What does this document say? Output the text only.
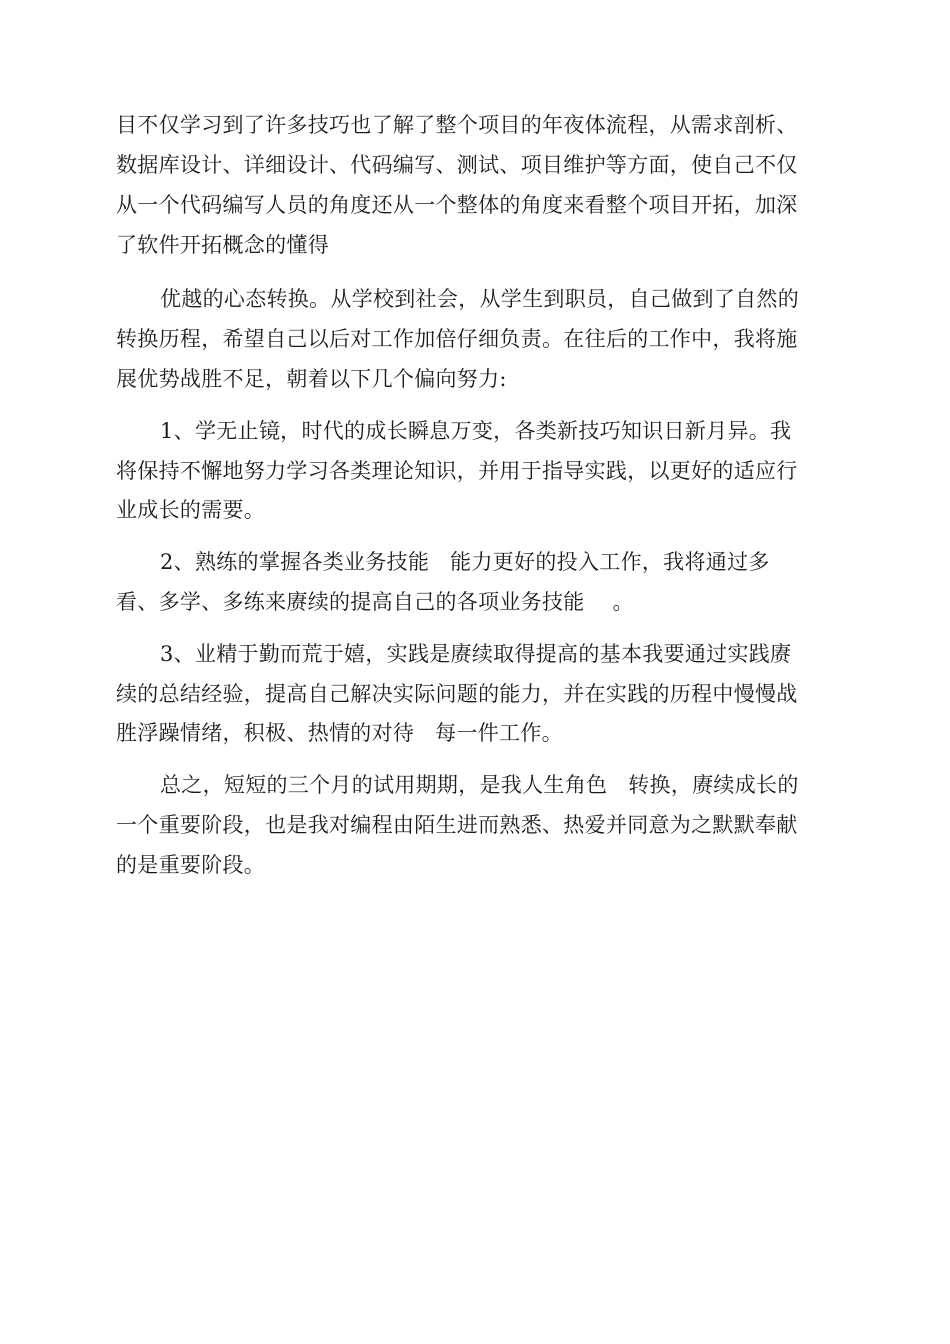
目不仅学习到了许多技巧也了解了整个项目的年夜体流程，从需求剖析、
数据库设计、详细设计、代码编写、测试、项目维护等方面，使自己不仅
从一个代码编写人员的角度还从一个整体的角度来看整个项目开拓，加深
了软件开拓概念的懂得
优越的心态转换。从学校到社会，从学生到职员，自己做到了自然的
转换历程，希望自己以后对工作加倍仔细负责。在往后的工作中，我将施
展优势战胜不足，朝着以下几个偏向努力:
1、学无止镜，时代的成长瞬息万变，各类新技巧知识日新月异。我
将保持不懈地努力学习各类理论知识，并用于指导实践，以更好的适应行
业成长的需要。
2、熟练的掌握各类业务技能   能力更好的投入工作，我将通过多
看、多学、多练来赓续的提高自己的各项业务技能    。
3、业精于勤而荒于嬉，实践是赓续取得提高的基本我要通过实践赓
续的总结经验，提高自己解决实际问题的能力，并在实践的历程中慢慢战
胜浮躁情绪，积极、热情的对待   每一件工作。
总之，短短的三个月的试用期期，是我人生角色   转换，赓续成长的
一个重要阶段，也是我对编程由陌生进而熟悉、热爱并同意为之默默奉献
的是重要阶段。
